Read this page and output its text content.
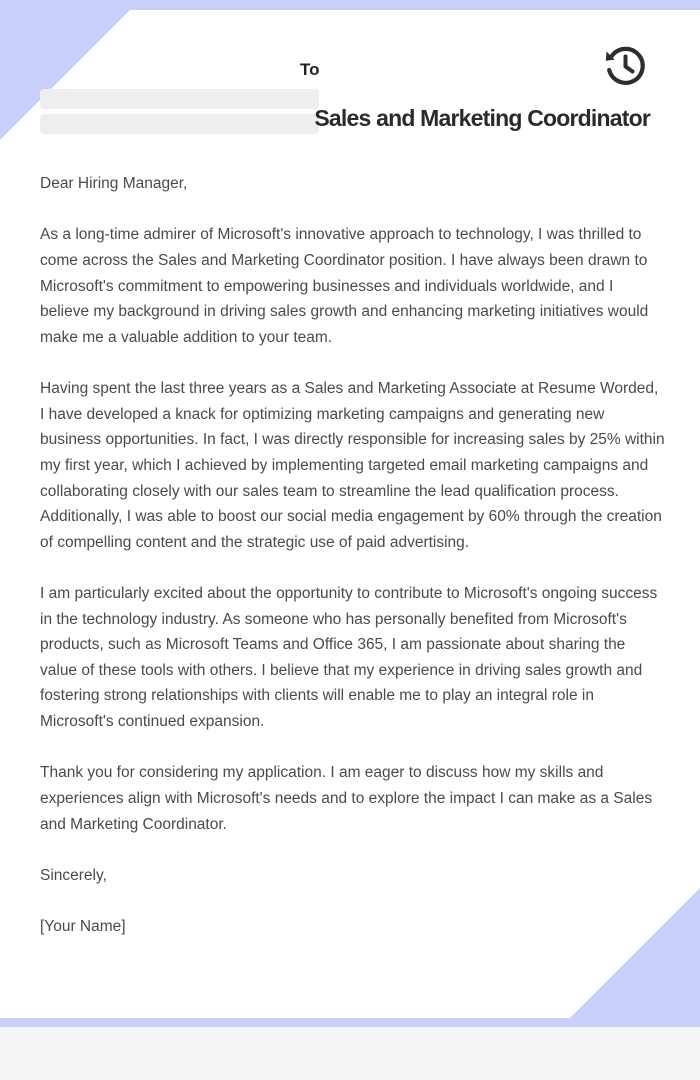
To
Sales and Marketing Coordinator

Dear Hiring Manager,

As a long-time admirer of Microsoft's innovative approach to technology, I was thrilled to come across the Sales and Marketing Coordinator position. I have always been drawn to Microsoft's commitment to empowering businesses and individuals worldwide, and I believe my background in driving sales growth and enhancing marketing initiatives would make me a valuable addition to your team.

Having spent the last three years as a Sales and Marketing Associate at Resume Worded, I have developed a knack for optimizing marketing campaigns and generating new business opportunities. In fact, I was directly responsible for increasing sales by 25% within my first year, which I achieved by implementing targeted email marketing campaigns and collaborating closely with our sales team to streamline the lead qualification process. Additionally, I was able to boost our social media engagement by 60% through the creation of compelling content and the strategic use of paid advertising.

I am particularly excited about the opportunity to contribute to Microsoft's ongoing success in the technology industry. As someone who has personally benefited from Microsoft's products, such as Microsoft Teams and Office 365, I am passionate about sharing the value of these tools with others. I believe that my experience in driving sales growth and fostering strong relationships with clients will enable me to play an integral role in Microsoft's continued expansion.

Thank you for considering my application. I am eager to discuss how my skills and experiences align with Microsoft's needs and to explore the impact I can make as a Sales and Marketing Coordinator.

Sincerely,

[Your Name]
